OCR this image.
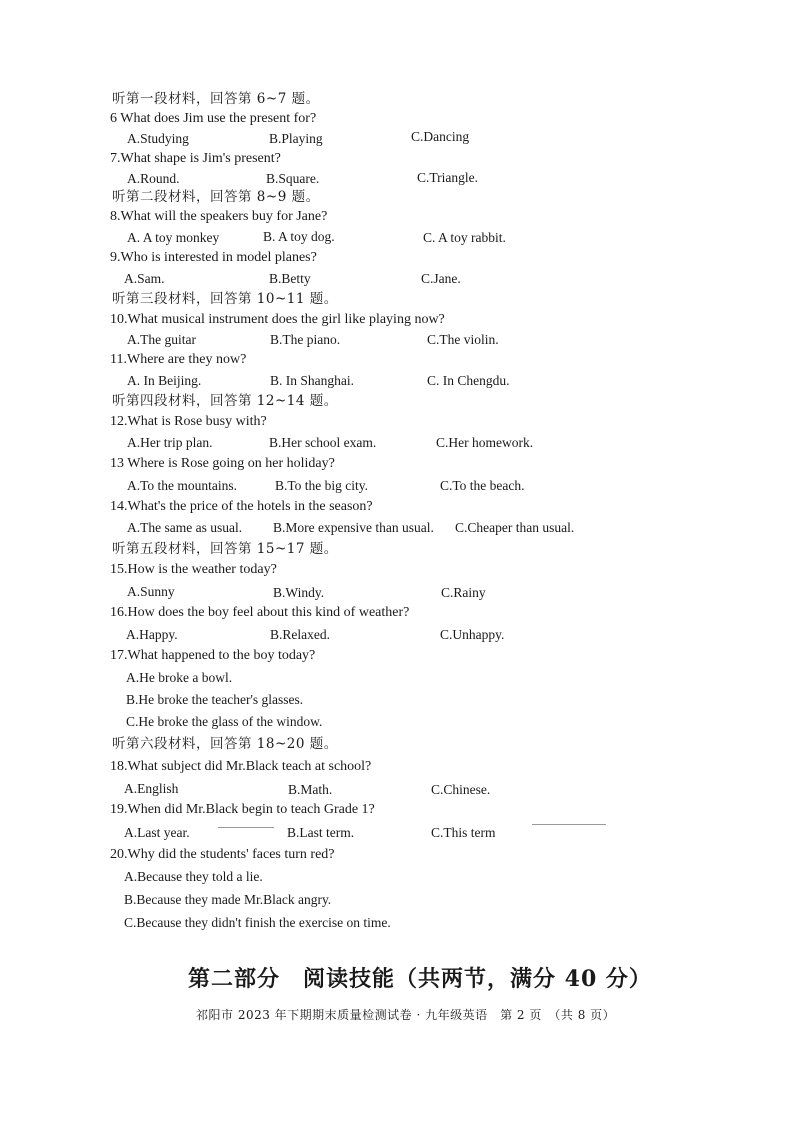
听第一段材料，回答第 6~7 题。
6 What does Jim use the present for?
A.Studying	B.Playing	C.Dancing
7.What shape is Jim's present?
A.Round.	B.Square.	C.Triangle.
听第二段材料，回答第 8~9 题。
8.What will the speakers buy for Jane?
A. A toy monkey	B. A toy dog.	C. A toy rabbit.
9.Who is interested in model planes?
A.Sam.	B.Betty	C.Jane.
听第三段材料，回答第 10~11 题。
10.What musical instrument does the girl like playing now?
A.The guitar	B.The piano.	C.The violin.
11.Where are they now?
A. In Beijing.	B. In Shanghai.	C. In Chengdu.
听第四段材料，回答第 12~14 题。
12.What is Rose busy with?
A.Her trip plan.	B.Her school exam.	C.Her homework.
13 Where is Rose going on her holiday?
A.To the mountains.	B.To the big city.	C.To the beach.
14.What's the price of the hotels in the season?
A.The same as usual. B.More expensive than usual. C.Cheaper than usual.
听第五段材料，回答第 15~17 题。
15.How is the weather today?
A.Sunny	B.Windy.	C.Rainy
16.How does the boy feel about this kind of weather?
A.Happy.	B.Relaxed.	C.Unhappy.
17.What happened to the boy today?
A.He broke a bowl.
B.He broke the teacher's glasses.
C.He broke the glass of the window.
听第六段材料，回答第 18~20 题。
18.What subject did Mr.Black teach at school?
A.English	B.Math.	C.Chinese.
19.When did Mr.Black begin to teach Grade 1?
A.Last year.	B.Last term.	C.This term
20.Why did the students' faces turn red?
A.Because they told a lie.
B.Because they made Mr.Black angry.
C.Because they didn't finish the exercise on time.
第二部分　阅读技能（共两节，满分 40 分）
祁阳市 2023 年下期期末质量检测试卷 · 九年级英语　第 2 页　（共 8 页）
